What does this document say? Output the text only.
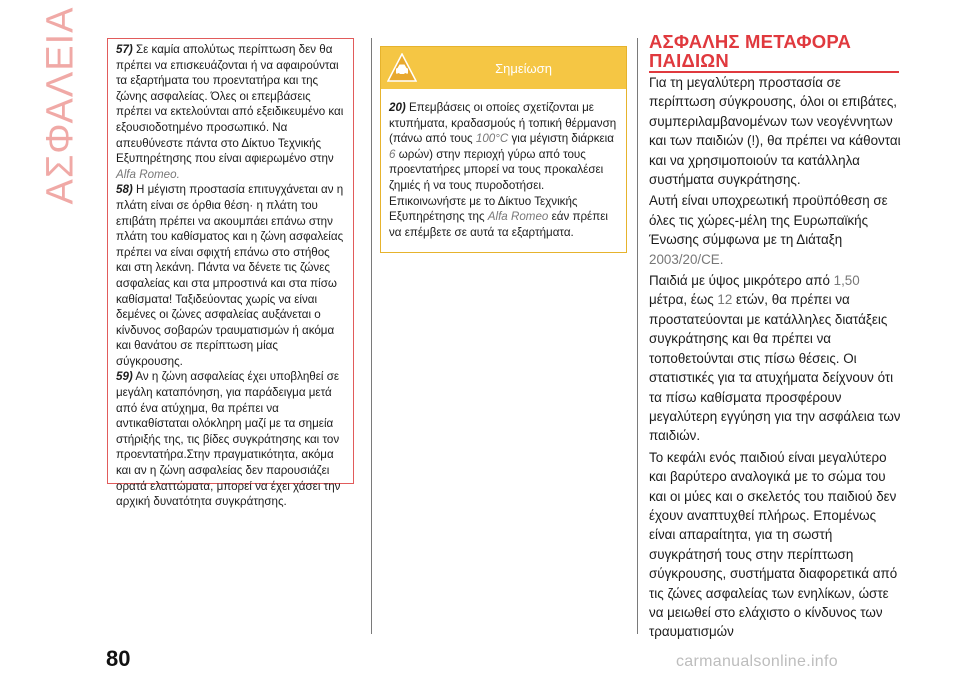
ΑΣΦΑΛΕΙΑ	57) Σε καμία απολύτως περίπτωση δεν θα πρέπει να επισκευάζονται ή να αφαιρούνται τα εξαρτήματα του προεντατήρα και της ζώνης ασφαλείας. Όλες οι επεμβάσεις πρέπει να εκτελούνται από εξειδικευμένο και εξουσιοδοτημένο προσωπικό. Να απευθύνεστε πάντα στο Δίκτυο Τεχνικής Εξυπηρέτησης που είναι αφιερωμένο στην Alfa Romeo.

58) Η μέγιστη προστασία επιτυγχάνεται αν η πλάτη είναι σε όρθια θέση· η πλάτη του επιβάτη πρέπει να ακουμπάει επάνω στην πλάτη του καθίσματος και η ζώνη ασφαλείας πρέπει να είναι σφιχτή επάνω στο στήθος και στη λεκάνη. Πάντα να δένετε τις ζώνες ασφαλείας και στα μπροστινά και στα πίσω καθίσματα! Ταξιδεύοντας χωρίς να είναι δεμένες οι ζώνες ασφαλείας αυξάνεται ο κίνδυνος σοβαρών τραυματισμών ή ακόμα και θανάτου σε περίπτωση μίας σύγκρουσης.

59) Αν η ζώνη ασφαλείας έχει υποβληθεί σε μεγάλη καταπόνηση, για παράδειγμα μετά από ένα ατύχημα, θα πρέπει να αντικαθίσταται ολόκληρη μαζί με τα σημεία στήριξής της, τις βίδες συγκράτησης και τον προεντατήρα.Στην πραγματικότητα, ακόμα και αν η ζώνη ασφαλείας δεν παρουσιάζει ορατά ελαττώματα, μπορεί να έχει χάσει την αρχική δυνατότητα συγκράτησης.

Σημείωση

20) Επεμβάσεις οι οποίες σχετίζονται με κτυπήματα, κραδασμούς ή τοπική θέρμανση (πάνω από τους 100°C για μέγιστη διάρκεια 6 ωρών) στην περιοχή γύρω από τους προεντατήρες μπορεί να τους προκαλέσει ζημιές ή να τους πυροδοτήσει. Επικοινωνήστε με το Δίκτυο Τεχνικής Εξυπηρέτησης της Alfa Romeo εάν πρέπει να επέμβετε σε αυτά τα εξαρτήματα.

ΑΣΦΑΛΗΣ ΜΕΤΑΦΟΡΑ
ΠΑΙΔΙΩΝ

Για τη μεγαλύτερη προστασία σε περίπτωση σύγκρουσης, όλοι οι επιβάτες, συμπεριλαμβανομένων των νεογέννητων και των παιδιών (!), θα πρέπει να κάθονται και να χρησιμοποιούν τα κατάλληλα συστήματα συγκράτησης.

Αυτή είναι υποχρεωτική προϋπόθεση σε όλες τις χώρες-μέλη της Ευρωπαϊκής Ένωσης σύμφωνα με τη Διάταξη 2003/20/CE.

Παιδιά με ύψος μικρότερο από 1,50 μέτρα, έως 12 ετών, θα πρέπει να προστατεύονται με κατάλληλες διατάξεις συγκράτησης και θα πρέπει να τοποθετούνται στις πίσω θέσεις. Οι στατιστικές για τα ατυχήματα δείχνουν ότι τα πίσω καθίσματα προσφέρουν μεγαλύτερη εγγύηση για την ασφάλεια των παιδιών.

Το κεφάλι ενός παιδιού είναι μεγαλύτερο και βαρύτερο αναλογικά με το σώμα του και οι μύες και ο σκελετός του παιδιού δεν έχουν αναπτυχθεί πλήρως. Επομένως είναι απαραίτητα, για τη σωστή συγκράτησή τους στην περίπτωση σύγκρουσης, συστήματα διαφορετικά από τις ζώνες ασφαλείας των ενηλίκων, ώστε να μειωθεί στο ελάχιστο ο κίνδυνος των τραυματισμών

80	carmanualsonline.info
